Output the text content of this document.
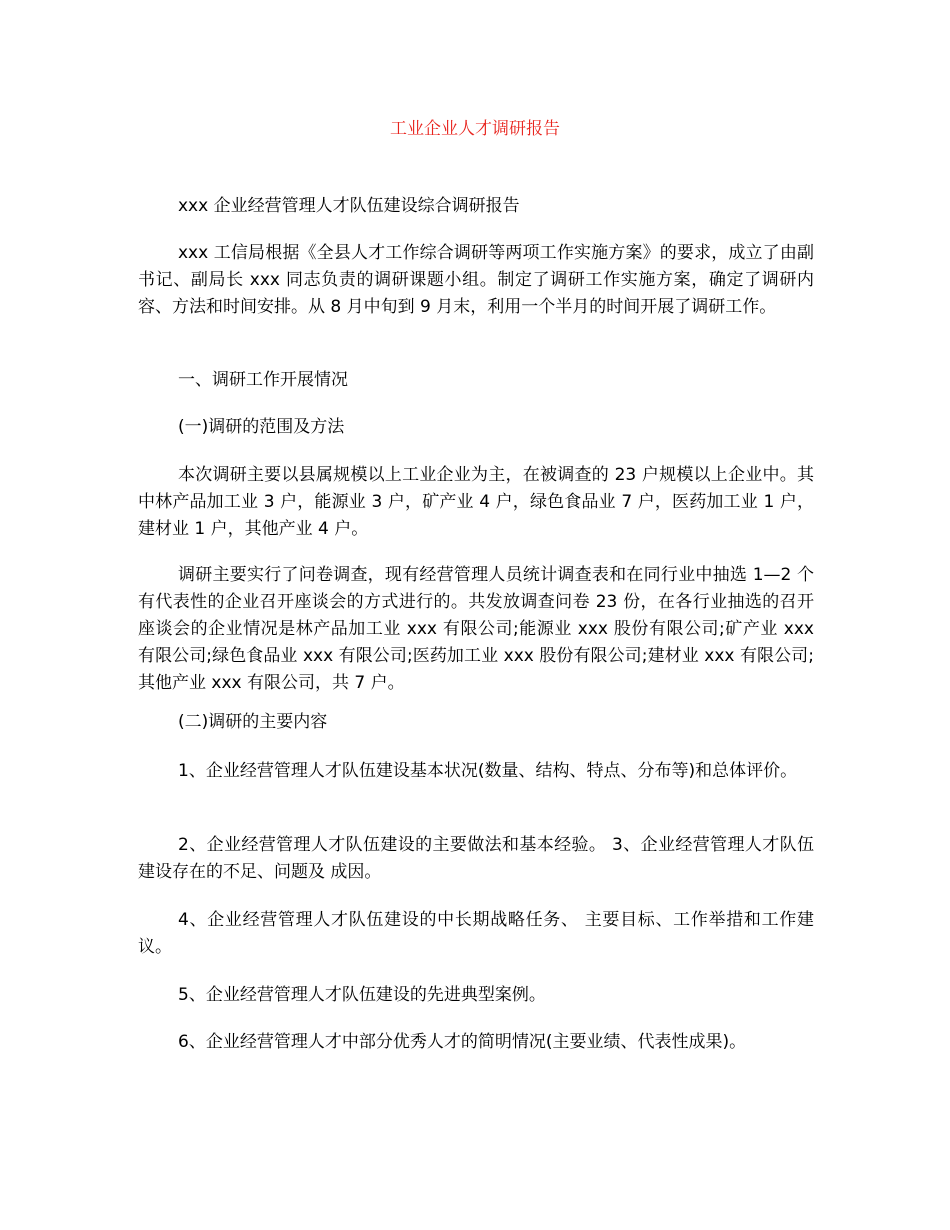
工业企业人才调研报告

xxx 企业经营管理人才队伍建设综合调研报告

xxx 工信局根据《全县人才工作综合调研等两项工作实施方案》的要求，成立了由副书记、副局长 xxx 同志负责的调研课题小组。制定了调研工作实施方案，确定了调研内容、方法和时间安排。从 8 月中旬到 9 月末，利用一个半月的时间开展了调研工作。

一、调研工作开展情况

(一)调研的范围及方法

本次调研主要以县属规模以上工业企业为主，在被调查的 23 户规模以上企业中。其中林产品加工业 3 户，能源业 3 户，矿产业 4 户，绿色食品业 7 户，医药加工业 1 户，建材业 1 户，其他产业 4 户。

调研主要实行了问卷调查，现有经营管理人员统计调查表和在同行业中抽选 1—2 个有代表性的企业召开座谈会的方式进行的。共发放调查问卷 23 份，在各行业抽选的召开座谈会的企业情况是林产品加工业 xxx 有限公司;能源业 xxx 股份有限公司;矿产业 xxx 有限公司;绿色食品业 xxx 有限公司;医药加工业 xxx 股份有限公司;建材业 xxx 有限公司;其他产业 xxx 有限公司，共 7 户。

(二)调研的主要内容

1、企业经营管理人才队伍建设基本状况(数量、结构、特点、分布等)和总体评价。

2、企业经营管理人才队伍建设的主要做法和基本经验。 3、企业经营管理人才队伍建设存在的不足、问题及 成因。

4、企业经营管理人才队伍建设的中长期战略任务、 主要目标、工作举措和工作建议。

5、企业经营管理人才队伍建设的先进典型案例。

6、企业经营管理人才中部分优秀人才的简明情况(主要业绩、代表性成果)。
